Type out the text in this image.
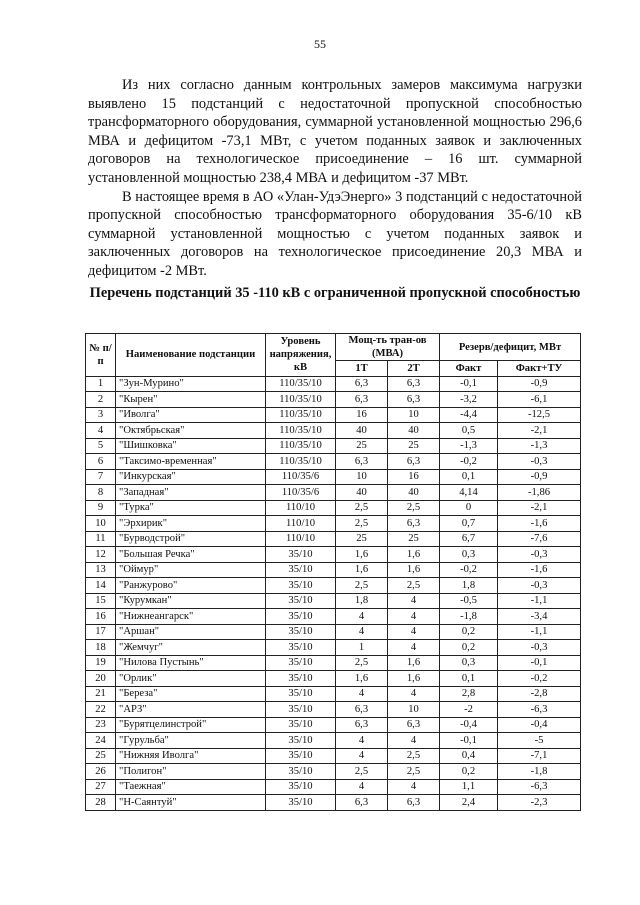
55

Из них согласно данным контрольных замеров максимума нагрузки выявлено 15 подстанций с недостаточной пропускной способностью трансформаторного оборудования, суммарной установленной мощностью 296,6 МВА и дефицитом -73,1 МВт, с учетом поданных заявок и заключенных договоров на технологическое присоединение – 16 шт. суммарной установленной мощностью 238,4 МВА и дефицитом -37 МВт.

В настоящее время в АО «Улан-УдэЭнерго» 3 подстанций с недостаточной пропускной способностью трансформаторного оборудования 35-6/10 кВ суммарной установленной мощностью с учетом поданных заявок и заключенных договоров на технологическое присоединение 20,3 МВА и дефицитом -2 МВт.

Перечень подстанций 35 -110 кВ с ограниченной пропускной способностью
№ п/п	Наименование подстанции	Уровень напряжения, кВ	Мощ-ть тран-ов (МВА)		Резерв/дефицит, МВт	
			1Т	2Т	Факт	Факт+ТУ
1	"Зун-Мурино"	110/35/10	6,3	6,3	-0,1	-0,9
2	"Кырен"	110/35/10	6,3	6,3	-3,2	-6,1
3	"Иволга"	110/35/10	16	10	-4,4	-12,5
4	"Октябрьская"	110/35/10	40	40	0,5	-2,1
5	"Шишковка"	110/35/10	25	25	-1,3	-1,3
6	"Таксимо-временная"	110/35/10	6,3	6,3	-0,2	-0,3
7	"Инкурская"	110/35/6	10	16	0,1	-0,9
8	"Западная"	110/35/6	40	40	4,14	-1,86
9	"Турка"	110/10	2,5	2,5	0	-2,1
10	"Эрхирик"	110/10	2,5	6,3	0,7	-1,6
11	"Бурводстрой"	110/10	25	25	6,7	-7,6
12	"Большая Речка"	35/10	1,6	1,6	0,3	-0,3
13	"Оймур"	35/10	1,6	1,6	-0,2	-1,6
14	"Ранжурово"	35/10	2,5	2,5	1,8	-0,3
15	"Курумкан"	35/10	1,8	4	-0,5	-1,1
16	"Нижнеангарск"	35/10	4	4	-1,8	-3,4
17	"Аршан"	35/10	4	4	0,2	-1,1
18	"Жемчуг"	35/10	1	4	0,2	-0,3
19	"Нилова Пустынь"	35/10	2,5	1,6	0,3	-0,1
20	"Орлик"	35/10	1,6	1,6	0,1	-0,2
21	"Береза"	35/10	4	4	2,8	-2,8
22	"АРЗ"	35/10	6,3	10	-2	-6,3
23	"Бурятцелинстрой"	35/10	6,3	6,3	-0,4	-0,4
24	"Гурульба"	35/10	4	4	-0,1	-5
25	"Нижняя Иволга"	35/10	4	2,5	0,4	-7,1
26	"Полигон"	35/10	2,5	2,5	0,2	-1,8
27	"Таежная"	35/10	4	4	1,1	-6,3
28	"Н-Саянтуй"	35/10	6,3	6,3	2,4	-2,3
